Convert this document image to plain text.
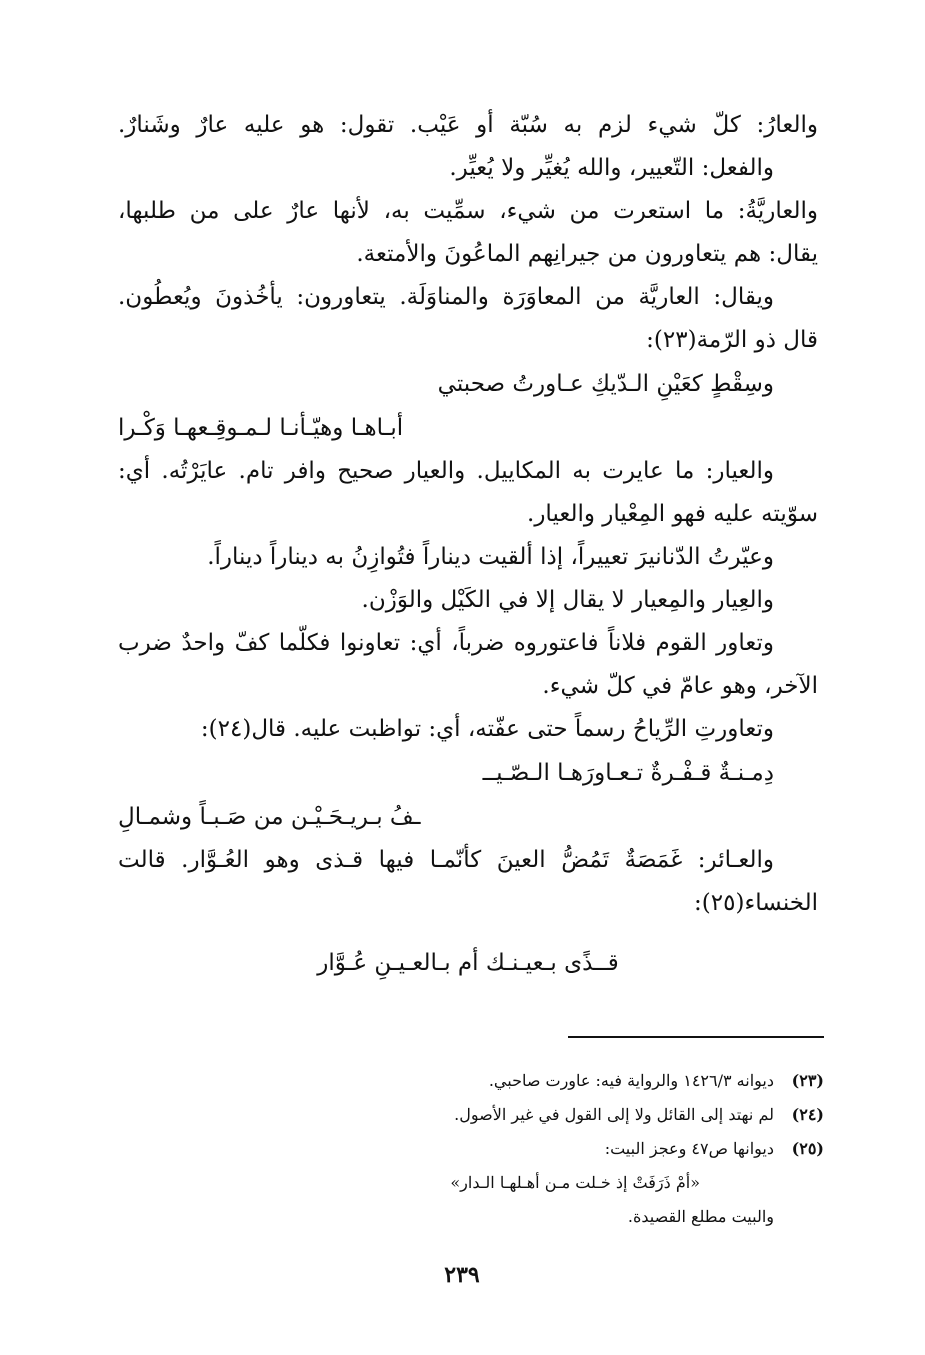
والعارُ: كلّ شيء لزم به سُبّة أو عَيْب. تقول: هو عليه عارٌ وشَنارٌ.
والفعل: التّعيير، والله يُغيِّر ولا يُعيِّر.
والعاريَّةُ: ما استعرت من شيء، سمِّيت به، لأنها عارٌ على من طلبها،
يقال: هم يتعاورون من جيرانِهم الماعُونَ والأمتعة.
ويقال: العاريَّة من المعاوَرَة والمناوَلَة. يتعاورون: يأخُذونَ ويُعطُون.
قال ذو الرّمة(٢٣):
وسِقْطٍ كعَيْنِ الـدّيكِ عـاورتُ صحبتي
أبـاهـا وهيّـأنـا لـمـوقِـعهـا وَكْـرا
والعيار: ما عايرت به المكاييل. والعيار صحيح وافر تام. عايَرْتُه. أي:
سوّيته عليه فهو المِعْيار والعيار.
وعيّرتُ الدّنانيرَ تعييراً، إذا ألقيت ديناراً فتُوازِنُ به ديناراً ديناراً.
والعِيار والمِعيار لا يقال إلا في الكَيْل والوَزْن.
وتعاور القوم فلاناً فاعتوروه ضرباً، أي: تعاونوا فكلّما كفّ واحدٌ ضرب
الآخر، وهو عامّ في كلّ شيء.
وتعاورتِ الرِّياحُ رسماً حتى عفّته، أي: تواظبت عليه. قال(٢٤):
دِمـنـةٌ قـفْـرةٌ تـعـاورَهـا الـصّـيــ
ـفُ بـريـحَـيْـن من صَـبـاً وشمـالِ
والعـائر: غَمَصَةٌ تَمُضُّ العينَ كأنّمـا فيها قـذى وهو العُـوَّار. قالت
الخنساء(٢٥):
قــذًى بـعيـنـك أم بـالعـيـنِ عُـوَّار
(٢٣)ديوانه ١٤٢٦/٣ والرواية فيه: عاورت صاحبي.
(٢٤)لم نهتد إلى القائل ولا إلى القول في غير الأصول.
(٢٥)ديوانها ص٤٧ وعجز البيت:
«أمْ ذَرَفَتْ إذ خـلت مـن أهـلهـا الـدار»
والبيت مطلع القصيدة.
٢٣٩
